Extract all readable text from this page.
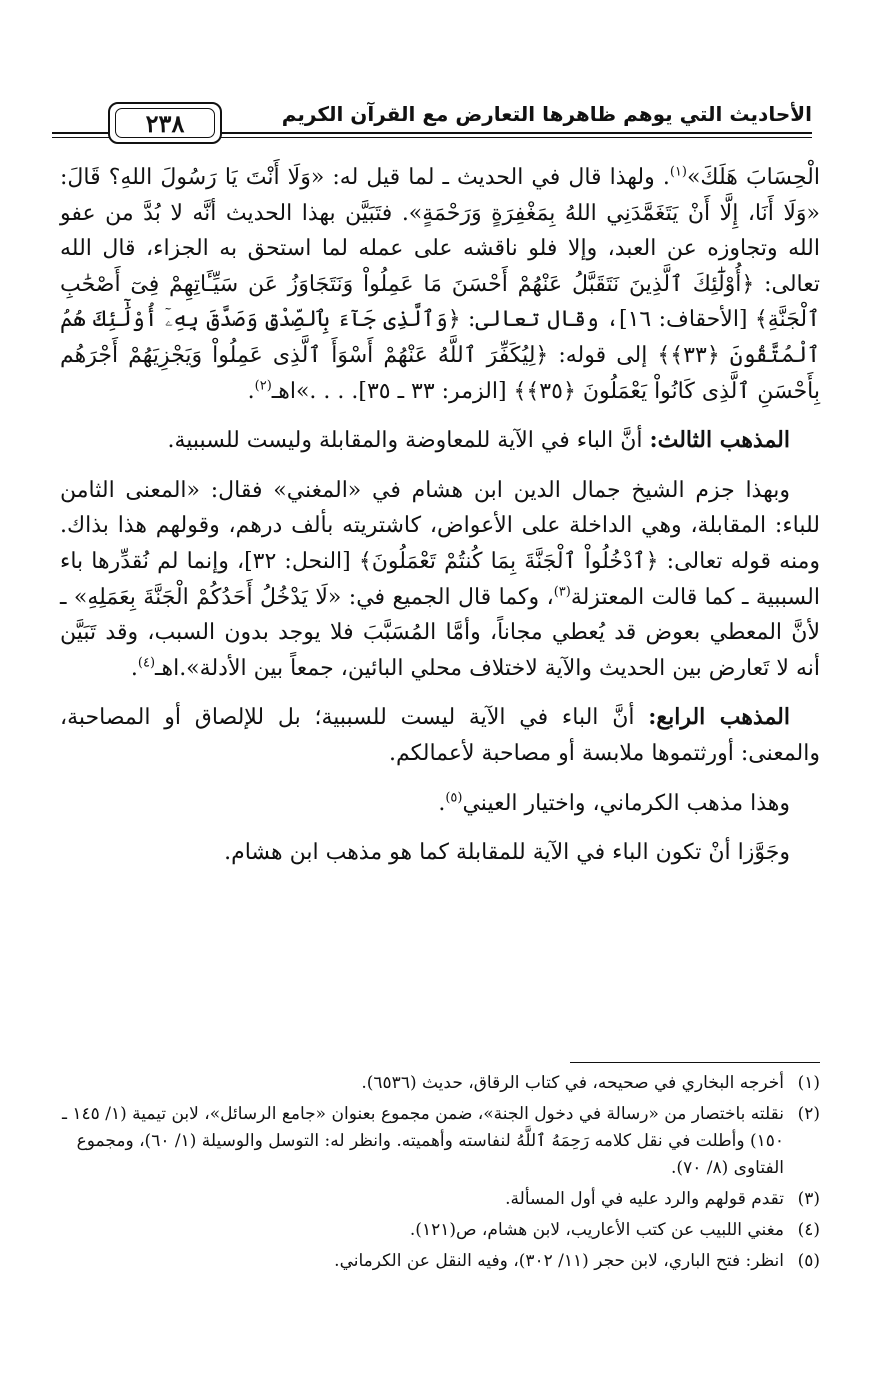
٢٣٨	الأحاديث التي يوهم ظاهرها التعارض مع القرآن الكريم

الْحِسَابَ هَلَكَ»$^{(١)}$. ولهذا قال في الحديث ـ لما قيل له: «وَلَا أَنْتَ يَا رَسُولَ اللهِ؟ قَالَ: «وَلَا أَنَا، إِلَّا أَنْ يَتَغَمَّدَنِي اللهُ بِمَغْفِرَةٍ وَرَحْمَةٍ». فتَبَيَّن بهذا الحديث أنَّه لا بُدَّ من عفو الله وتجاوزه عن العبد، وإلا فلو ناقشه على عمله لما استحق به الجزاء، قال الله تعالى: ﴿أُوْلَٰٓئِكَ ٱلَّذِينَ نَتَقَبَّلُ عَنْهُمْ أَحْسَنَ مَا عَمِلُواْ وَنَتَجَاوَزُ عَن سَيِّـَٔاتِهِمْ فِىٓ أَصْحَٰبِ ٱلْجَنَّةِ﴾ [الأحقاف: ١٦]، وقال تعالى: ﴿وَٱلَّذِى جَآءَ بِٱلصِّدْقِ وَصَدَّقَ بِهِۦٓ أُوْلَٰٓئِكَ هُمُ ٱلْمُتَّقُونَ ﴿٣٣﴾﴾ إلى قوله: ﴿لِيُكَفِّرَ ٱللَّهُ عَنْهُمْ أَسْوَأَ ٱلَّذِى عَمِلُواْ وَيَجْزِيَهُمْ أَجْرَهُم بِأَحْسَنِ ٱلَّذِى كَانُواْ يَعْمَلُونَ ﴿٣٥﴾﴾ [الزمر: ٣٣ ـ ٣٥]. . . .»اهـ$^{(٢)}$.

المذهب الثالث: أنَّ الباء في الآية للمعاوضة والمقابلة وليست للسببية.

وبهذا جزم الشيخ جمال الدين ابن هشام في «المغني» فقال: «المعنى الثامن للباء: المقابلة، وهي الداخلة على الأعواض، كاشتريته بألف درهم، وقولهم هذا بذاك. ومنه قوله تعالى: ﴿ٱدْخُلُواْ ٱلْجَنَّةَ بِمَا كُنتُمْ تَعْمَلُونَ﴾ [النحل: ٣٢]، وإنما لم نُقدِّرها باء السببية ـ كما قالت المعتزلة$^{(٣)}$، وكما قال الجميع في: «لَا يَدْخُلُ أَحَدُكُمْ الْجَنَّةَ بِعَمَلِهِ» ـ لأنَّ المعطي بعوض قد يُعطي مجاناً، وأمَّا المُسَبَّبَ فلا يوجد بدون السبب، وقد تَبَيَّن أنه لا تَعارض بين الحديث والآية لاختلاف محلي البائين، جمعاً بين الأدلة».اهـ$^{(٤)}$.

المذهب الرابع: أنَّ الباء في الآية ليست للسببية؛ بل للإلصاق أو المصاحبة، والمعنى: أورثتموها ملابسة أو مصاحبة لأعمالكم.

وهذا مذهب الكرماني، واختيار العيني$^{(٥)}$.

وجَوَّزا أنْ تكون الباء في الآية للمقابلة كما هو مذهب ابن هشام.

(١)
أخرجه البخاري في صحيحه، في كتاب الرقاق، حديث (٦٥٣٦).
(٢)
نقلته باختصار من «رسالة في دخول الجنة»، ضمن مجموع بعنوان «جامع الرسائل»، لابن تيمية (١/ ١٤٥ ـ ١٥٠) وأطلت في نقل كلامه رَحِمَهُ ٱللَّهُ لنفاسته وأهميته. وانظر له: التوسل والوسيلة (١/ ٦٠)، ومجموع الفتاوى (٨/ ٧٠).
(٣)
تقدم قولهم والرد عليه في أول المسألة.
(٤)
مغني اللبيب عن كتب الأعاريب، لابن هشام، ص(١٢١).
(٥)
انظر: فتح الباري، لابن حجر (١١/ ٣٠٢)، وفيه النقل عن الكرماني.
